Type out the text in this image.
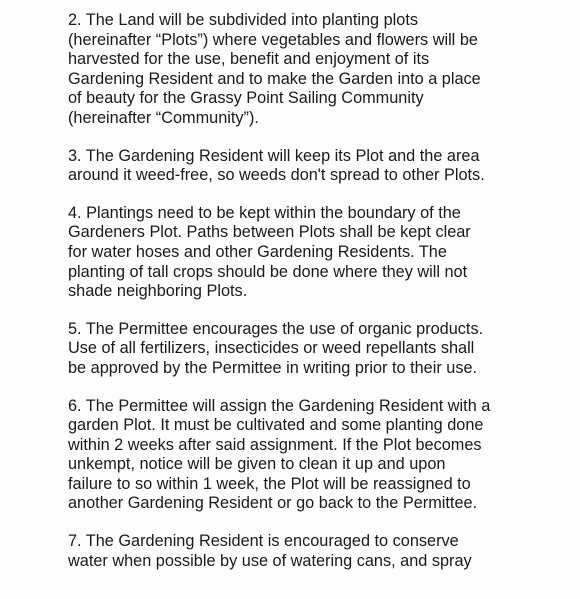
2. The Land will be subdivided into planting plots
(hereinafter “Plots”) where vegetables and flowers will be
harvested for the use, benefit and enjoyment of its
Gardening Resident and to make the Garden into a place
of beauty for the Grassy Point Sailing Community
(hereinafter “Community”).
3. The Gardening Resident will keep its Plot and the area
around it weed-free, so weeds don't spread to other Plots.
4. Plantings need to be kept within the boundary of the
Gardeners Plot. Paths between Plots shall be kept clear
for water hoses and other Gardening Residents. The
planting of tall crops should be done where they will not
shade neighboring Plots.
5. The Permittee encourages the use of organic products.
Use of all fertilizers, insecticides or weed repellants shall
be approved by the Permittee in writing prior to their use.
6. The Permittee will assign the Gardening Resident with a
garden Plot. It must be cultivated and some planting done
within 2 weeks after said assignment. If the Plot becomes
unkempt, notice will be given to clean it up and upon
failure to so within 1 week, the Plot will be reassigned to
another Gardening Resident or go back to the Permittee.
7. The Gardening Resident is encouraged to conserve
water when possible by use of watering cans, and spray
